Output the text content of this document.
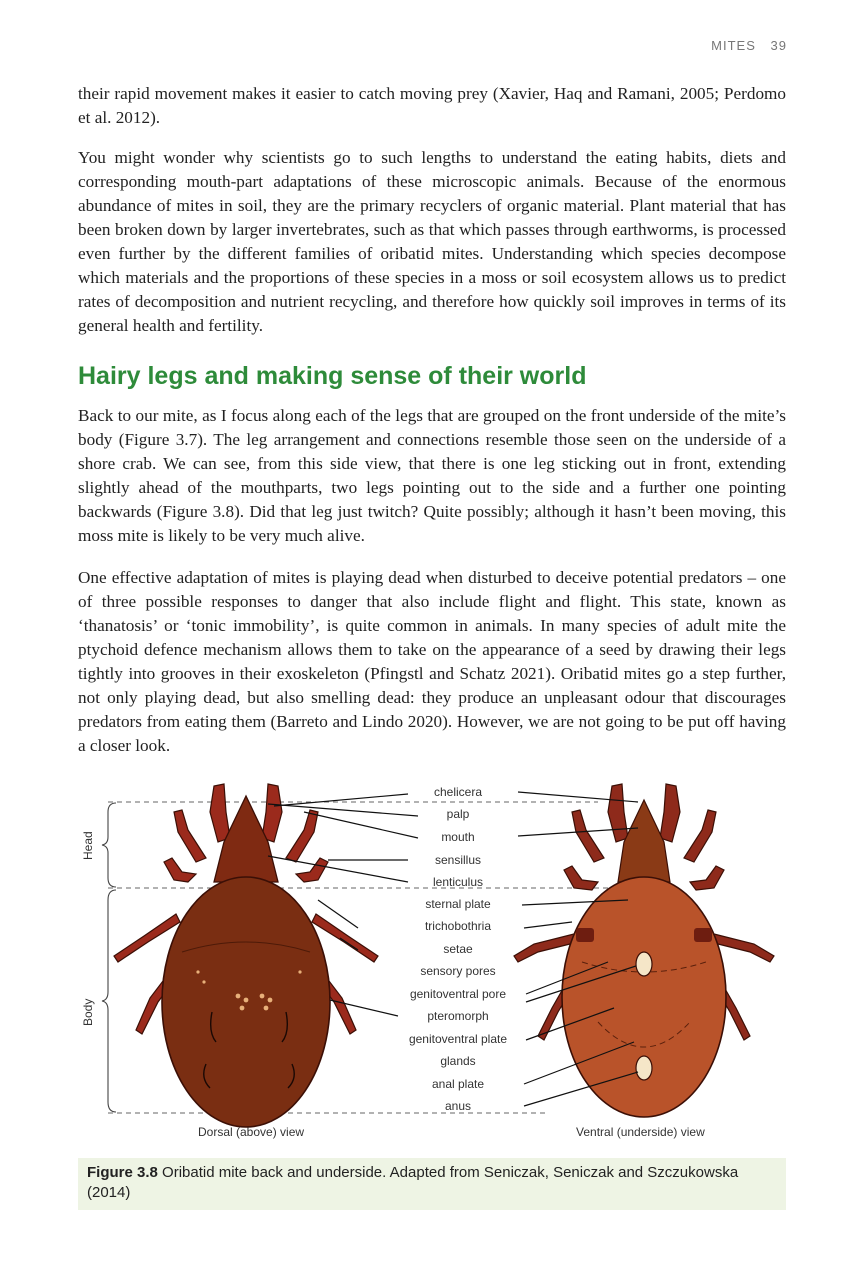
MITES 39

their rapid movement makes it easier to catch moving prey (Xavier, Haq and Ramani, 2005; Perdomo et al. 2012).

You might wonder why scientists go to such lengths to understand the eating habits, diets and corresponding mouth-part adaptations of these microscopic animals. Because of the enormous abundance of mites in soil, they are the primary recyclers of organic material. Plant material that has been broken down by larger invertebrates, such as that which passes through earthworms, is processed even further by the different families of oribatid mites. Understanding which species decompose which materials and the proportions of these species in a moss or soil ecosystem allows us to predict rates of decomposition and nutrient recycling, and therefore how quickly soil improves in terms of its general health and fertility.

Hairy legs and making sense of their world

Back to our mite, as I focus along each of the legs that are grouped on the front underside of the mite’s body (Figure 3.7). The leg arrangement and connections resemble those seen on the underside of a shore crab. We can see, from this side view, that there is one leg sticking out in front, extending slightly ahead of the mouthparts, two legs pointing out to the side and a further one pointing backwards (Figure 3.8). Did that leg just twitch? Quite possibly; although it hasn’t been moving, this moss mite is likely to be very much alive.

One effective adaptation of mites is playing dead when disturbed to deceive potential predators – one of three possible responses to danger that also include flight and flight. This state, known as ‘thanatosis’ or ‘tonic immobility’, is quite common in animals. In many species of adult mite the ptychoid defence mechanism allows them to take on the appearance of a seed by drawing their legs tightly into grooves in their exoskeleton (Pfingstl and Schatz 2021). Oribatid mites go a step further, not only playing dead, but also smelling dead: they produce an unpleasant odour that discourages predators from eating them (Barreto and Lindo 2020). However, we are not going to be put off having a closer look.

Head
Body
chelicera
palp
mouth
sensillus
lenticulus
sternal plate
trichobothria
setae
sensory pores
genitoventral pore
pteromorph
genitoventral plate
glands
anal plate
anus
Dorsal (above) view	Ventral (underside) view
Figure 3.8 Oribatid mite back and underside. Adapted from Seniczak, Seniczak and Szczukowska (2014)
